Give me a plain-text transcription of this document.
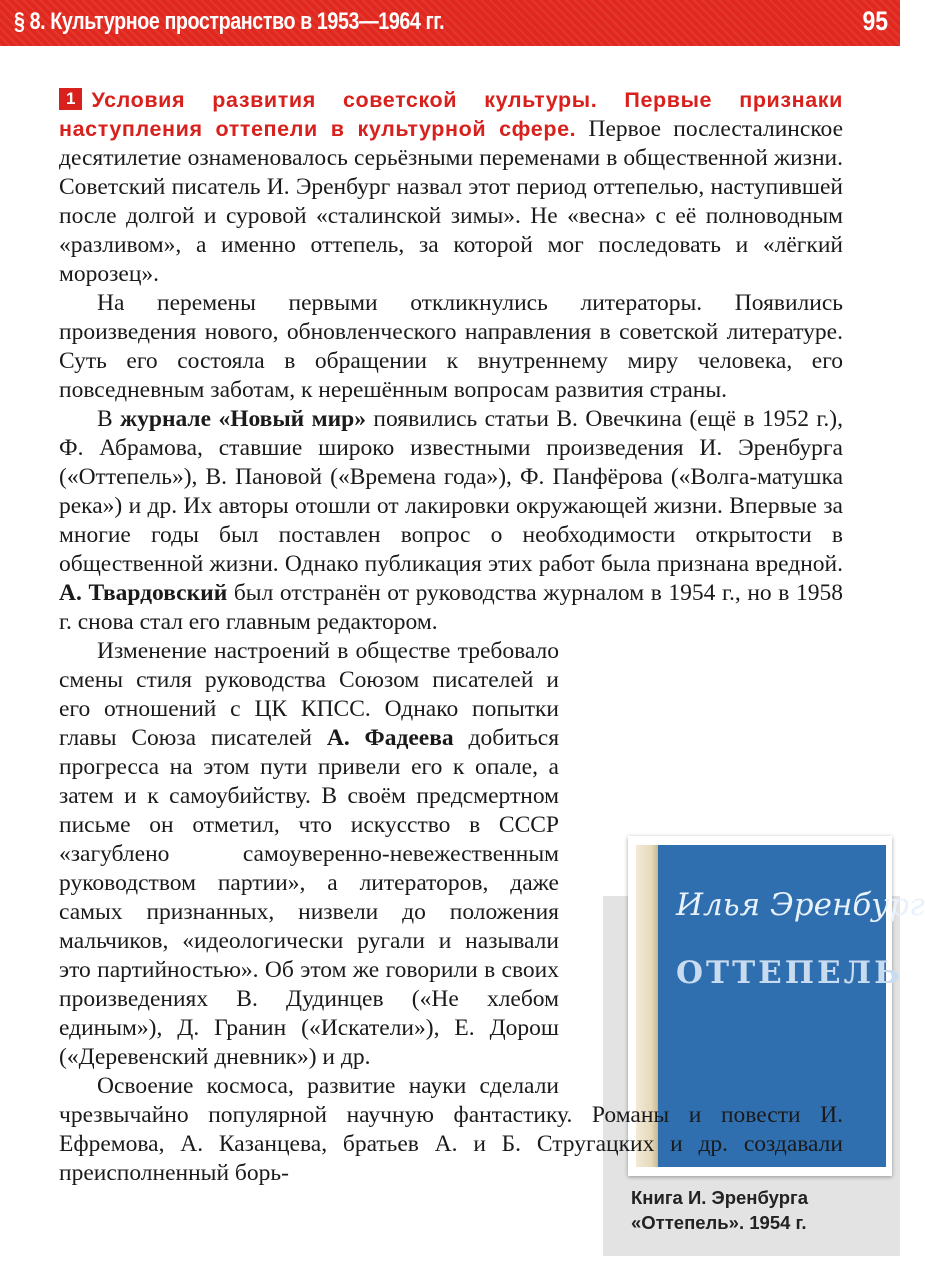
§ 8. Культурное пространство в 1953—1964 гг.	95
Илья Эренбург
ОТТЕПЕЛЬ
Книга И. Эренбурга «Оттепель». 1954 г.

1 Условия развития советской культуры. Первые признаки наступления оттепели в культурной сфере. Первое послесталинское десятилетие ознаменовалось серьёзными переменами в общественной жизни. Советский писатель И. Эренбург назвал этот период оттепелью, наступившей после долгой и суровой «сталинской зимы». Не «весна» с её полноводным «разливом», а именно оттепель, за которой мог последовать и «лёгкий морозец».

На перемены первыми откликнулись литераторы. Появились произведения нового, обновленческого направления в советской литературе. Суть его состояла в обращении к внутреннему миру человека, его повседневным заботам, к нерешённым вопросам развития страны.

В журнале «Новый мир» появились статьи В. Овечкина (ещё в 1952 г.), Ф. Абрамова, ставшие широко известными произведения И. Эренбурга («Оттепель»), В. Пановой («Времена года»), Ф. Панфёрова («Волга-матушка река») и др. Их авторы отошли от лакировки окружающей жизни. Впервые за многие годы был поставлен вопрос о необходимости открытости в общественной жизни. Однако публикация этих работ была признана вредной. А. Твардовский был отстранён от руководства журналом в 1954 г., но в 1958 г. снова стал его главным редактором.

Изменение настроений в обществе требовало смены стиля руководства Союзом писателей и его отношений с ЦК КПСС. Однако попытки главы Союза писателей А. Фадеева добиться прогресса на этом пути привели его к опале, а затем и к самоубийству. В своём предсмертном письме он отметил, что искусство в СССР «загублено самоуверенно-невежественным руководством партии», а литераторов, даже самых признанных, низвели до положения мальчиков, «идеологически ругали и называли это партийностью». Об этом же говорили в своих произведениях В. Дудинцев («Не хлебом единым»), Д. Гранин («Искатели»), Е. Дорош («Деревенский дневник») и др.

Освоение космоса, развитие науки сделали чрезвычайно популярной научную фантастику. Романы и повести И. Ефремова, А. Казанцева, братьев А. и Б. Стругацких и др. создавали преисполненный борь-
